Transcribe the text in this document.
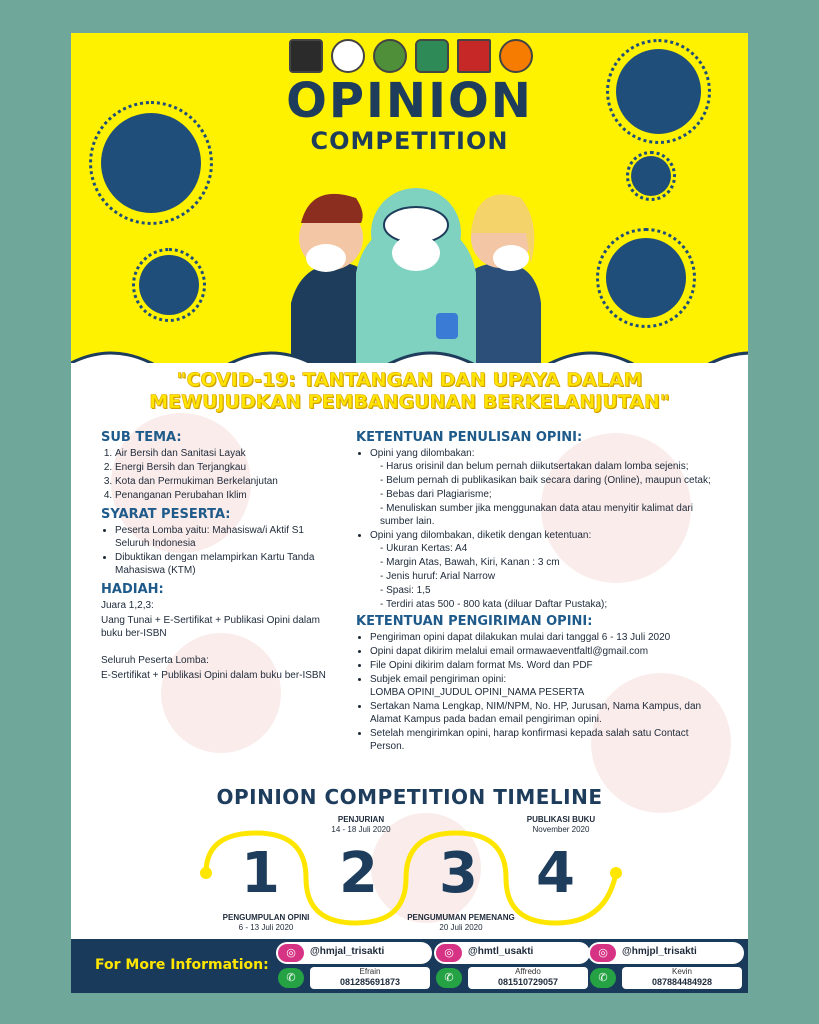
OPINION
COMPETITION
"COVID-19: TANTANGAN DAN UPAYA DALAM
MEWUJUDKAN PEMBANGUNAN BERKELANJUTAN"
SUB TEMA:
1. Air Bersih dan Sanitasi Layak
2. Energi Bersih dan Terjangkau
3. Kota dan Permukiman Berkelanjutan
4. Penanganan Perubahan Iklim
SYARAT PESERTA:
• Peserta Lomba yaitu: Mahasiswa/i Aktif S1 Seluruh Indonesia
• Dibuktikan dengan melampirkan Kartu Tanda Mahasiswa (KTM)
HADIAH:

Juara 1,2,3:

Uang Tunai + E-Sertifikat + Publikasi Opini dalam buku ber-ISBN

Seluruh Peserta Lomba:

E-Sertifikat + Publikasi Opini dalam buku ber-ISBN

KETENTUAN PENULISAN OPINI:
• Opini yang dilombakan:
- Harus orisinil dan belum pernah diikutsertakan dalam lomba sejenis;
- Belum pernah di publikasikan baik secara daring (Online), maupun cetak;
- Bebas dari Plagiarisme;
- Menuliskan sumber jika menggunakan data atau menyitir kalimat dari sumber lain.
• Opini yang dilombakan, diketik dengan ketentuan:
- Ukuran Kertas: A4
- Margin Atas, Bawah, Kiri, Kanan : 3 cm
- Jenis huruf: Arial Narrow
- Spasi: 1,5
- Terdiri atas 500 - 800 kata (diluar Daftar Pustaka);
KETENTUAN PENGIRIMAN OPINI:
• Pengiriman opini dapat dilakukan mulai dari tanggal 6 - 13 Juli 2020
• Opini dapat dikirim melalui email ormawaeventfaltl@gmail.com
• File Opini dikirim dalam format Ms. Word dan PDF
• Subjek email pengiriman opini:
LOMBA OPINI_JUDUL OPINI_NAMA PESERTA
• Sertakan Nama Lengkap, NIM/NPM, No. HP, Jurusan, Nama Kampus, dan Alamat Kampus pada badan email pengiriman opini.
• Setelah mengirimkan opini, harap konfirmasi kepada salah satu Contact Person.
OPINION COMPETITION TIMELINE
1 2 3 4
PENGUMPULAN OPINI
6 - 13 Juli 2020
PENJURIAN
14 - 18 Juli 2020
PENGUMUMAN PEMENANG
20 Juli 2020
PUBLIKASI BUKU
November 2020
For More Information:
◎	@hmjal_trisakti
✆
Efrain
081285691873
◎	@hmtl_usakti
✆
Affredo
081510729057
◎	@hmjpl_trisakti
✆
Kevin
087884484928
